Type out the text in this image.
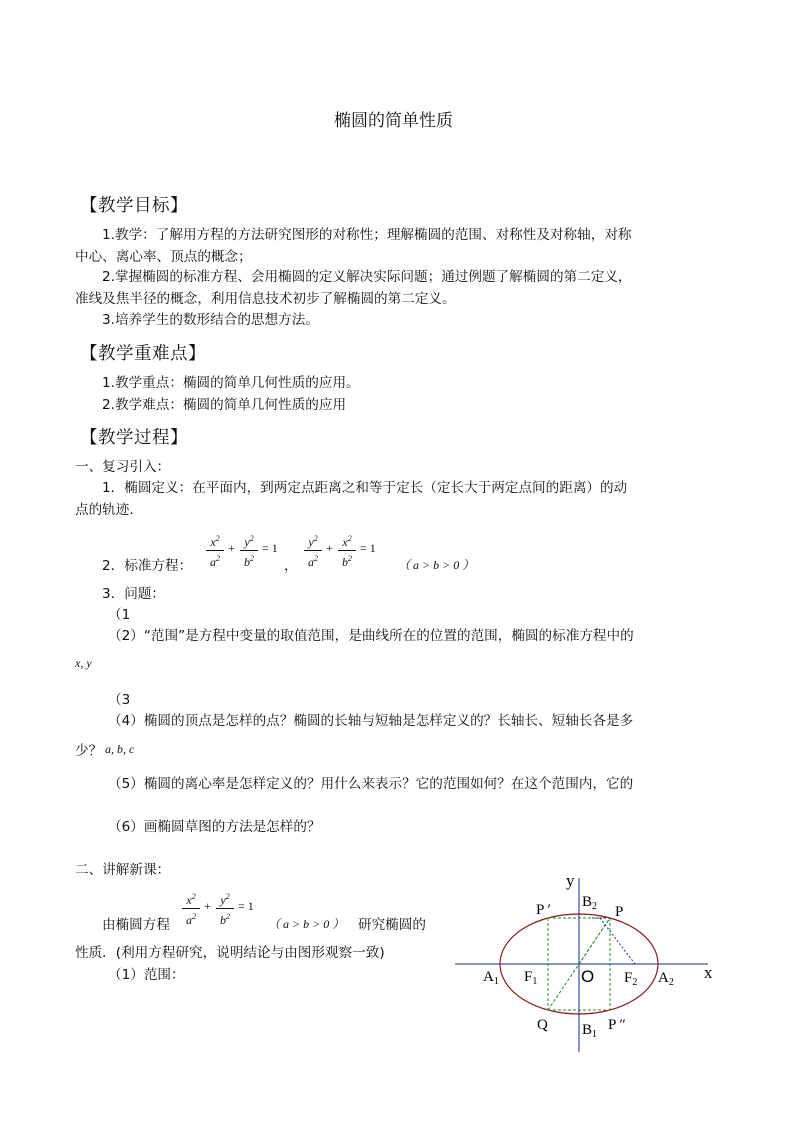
椭圆的简单性质
【教学目标】
1.教学：了解用方程的方法研究图形的对称性；理解椭圆的范围、对称性及对称轴，对称
中心、离心率、顶点的概念；
2.掌握椭圆的标准方程、会用椭圆的定义解决实际问题；通过例题了解椭圆的第二定义，
准线及焦半径的概念，利用信息技术初步了解椭圆的第二定义。
3.培养学生的数形结合的思想方法。
【教学重难点】
1.教学重点：椭圆的简单几何性质的应用。
2.教学难点：椭圆的简单几何性质的应用
【教学过程】
一、复习引入：
1．椭圆定义：在平面内，到两定点距离之和等于定长（定长大于两定点间的距离）的动
点的轨迹.
2．标准方程：
$x^2$
$a^2$
+ $y^2$
$b^2$
= 1
，
$y^2$
$a^2$
+ $x^2$
$b^2$
= 1
（ a > b > 0 ）
3．问题：
（1
（2）“范围”是方程中变量的取值范围，是曲线所在的位置的范围，椭圆的标准方程中的
x, y
（3
（4）椭圆的顶点是怎样的点？椭圆的长轴与短轴是怎样定义的？长轴长、短轴长各是多
少？ a, b, c
（5）椭圆的离心率是怎样定义的？用什么来表示？它的范围如何？在这个范围内，它的
（6）画椭圆草图的方法是怎样的？
二、讲解新课：
$x^2$
$a^2$
+ $y^2$
$b^2$
= 1
由椭圆方程	（ a > b > 0 ） 研究椭圆的
性质．(利用方程研究，说明结论与由图形观察一致)
（1）范围：
y
x
O
$B_2$
$B_1$
$A_1$	$A_2$
$F_1$	$F_2$
P
P ′
P ″
Q
